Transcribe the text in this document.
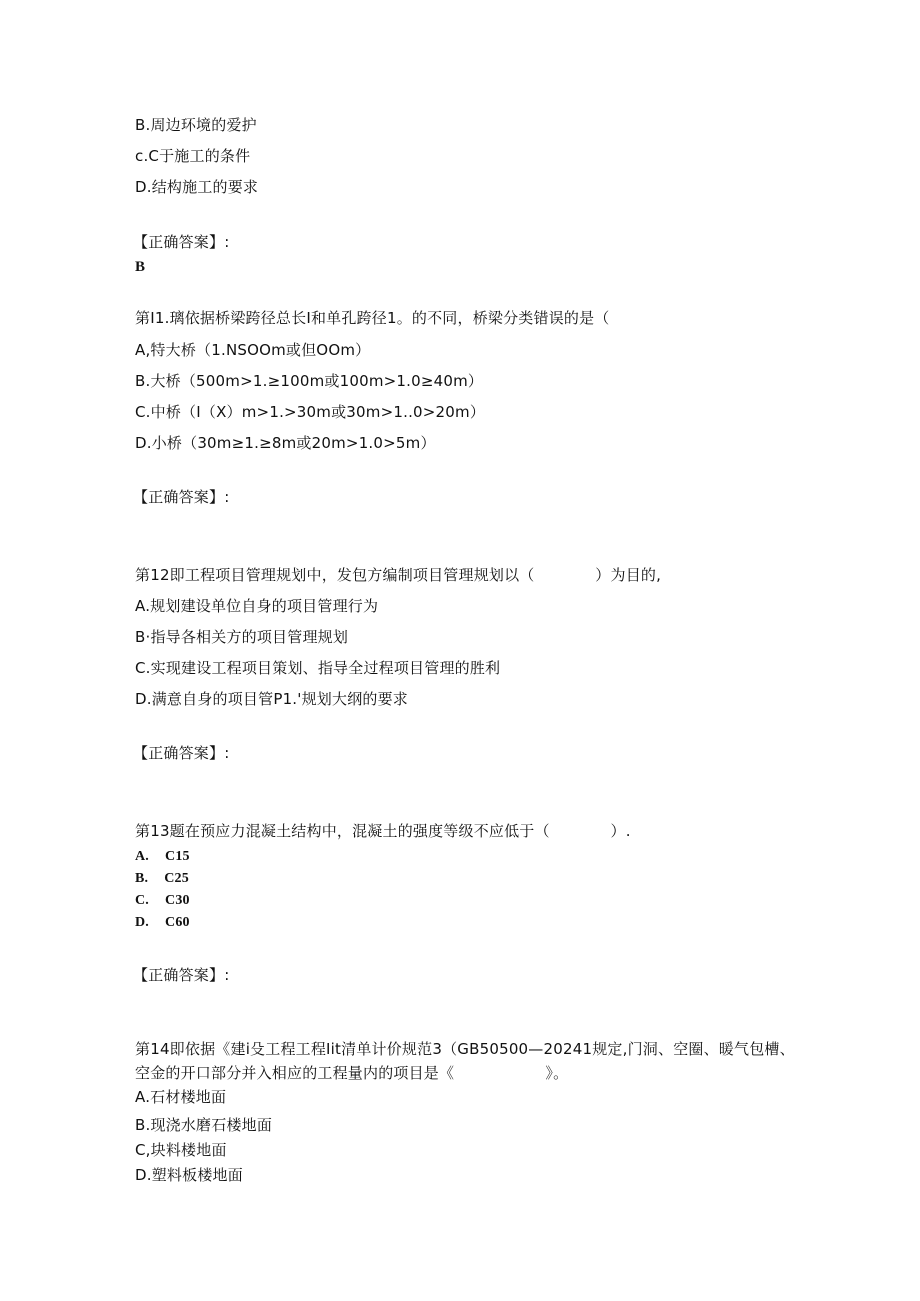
B.周边环境的爱护
c.C于施工的条件
D.结构施工的要求
【正确答案】:
B
第I1.璃依据桥梁跨径总长I和单孔跨径1。的不同，桥梁分类错误的是（
A,特大桥（1.NSOOm或但OOm）
B.大桥（500m>1.≥100m或100m>1.0≥40m）
C.中桥（I（X）m>1.>30m或30m>1..0>20m）
D.小桥（30m≥1.≥8m或20m>1.0>5m）
【正确答案】:
第12即工程项目管理规划中，发包方编制项目管理规划以（　　　　）为目的,
A.规划建设单位自身的项目管理行为
B·指导各相关方的项目管理规划
C.实现建设工程项目策划、指导全过程项目管理的胜利
D.满意自身的项目管P1.'规划大纲的要求
【正确答案】:
第13题在预应力混凝土结构中，混凝土的强度等级不应低于（　　　　）.
A. C15
B. C25
C. C30
D. C60
【正确答案】:
第14即依据《建i殳工程工程Iit清单计价规范3（GB50500—20241规定,门洞、空圈、暖气包槽、
空金的开口部分并入相应的工程量内的项目是《　　　　　　》。
A.石材楼地面
B.现浇水磨石楼地面
C,块料楼地面
D.塑料板楼地面
